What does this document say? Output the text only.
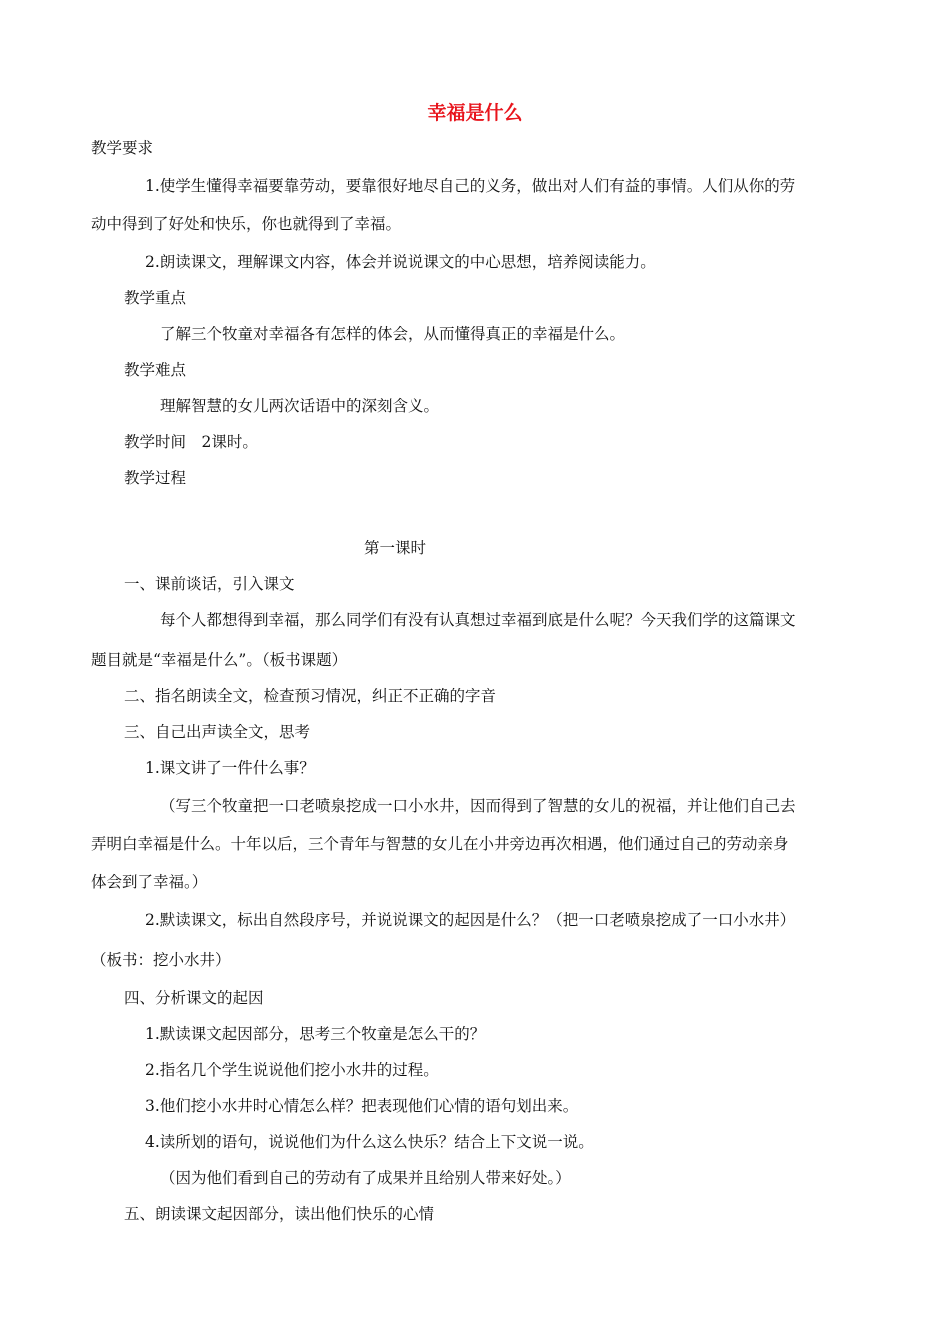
幸福是什么
教学要求
1.使学生懂得幸福要靠劳动，要靠很好地尽自己的义务，做出对人们有益的事情。人们从你的劳
动中得到了好处和快乐，你也就得到了幸福。
2.朗读课文，理解课文内容，体会并说说课文的中心思想，培养阅读能力。
教学重点
了解三个牧童对幸福各有怎样的体会，从而懂得真正的幸福是什么。
教学难点
理解智慧的女儿两次话语中的深刻含义。
教学时间　2课时。
教学过程
第一课时
一、课前谈话，引入课文
每个人都想得到幸福，那么同学们有没有认真想过幸福到底是什么呢？今天我们学的这篇课文
题目就是“幸福是什么”。（板书课题）
二、指名朗读全文，检查预习情况，纠正不正确的字音
三、自己出声读全文，思考
1.课文讲了一件什么事？
（写三个牧童把一口老喷泉挖成一口小水井，因而得到了智慧的女儿的祝福，并让他们自己去
弄明白幸福是什么。十年以后，三个青年与智慧的女儿在小井旁边再次相遇，他们通过自己的劳动亲身
体会到了幸福。）
2.默读课文，标出自然段序号，并说说课文的起因是什么？（把一口老喷泉挖成了一口小水井）
（板书：挖小水井）
四、分析课文的起因
1.默读课文起因部分，思考三个牧童是怎么干的？
2.指名几个学生说说他们挖小水井的过程。
3.他们挖小水井时心情怎么样？把表现他们心情的语句划出来。
4.读所划的语句，说说他们为什么这么快乐？结合上下文说一说。
（因为他们看到自己的劳动有了成果并且给别人带来好处。）
五、朗读课文起因部分，读出他们快乐的心情
